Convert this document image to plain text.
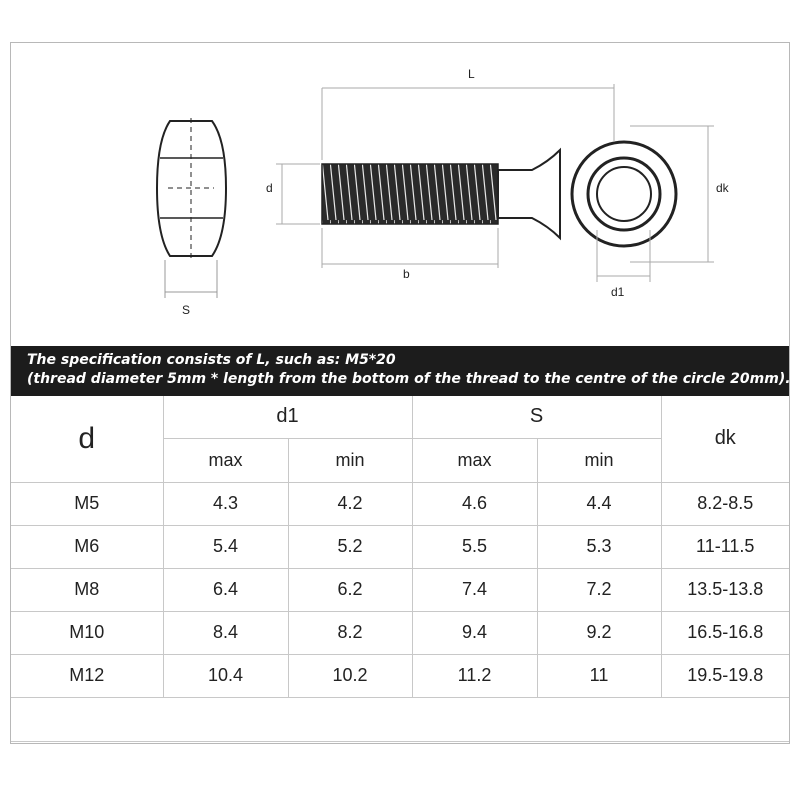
S
L
d	dk
b
d1
The specification consists of L, such as: M5*20
(thread diameter 5mm * length from the bottom of the thread to the centre of the circle 20mm).
d	d1		S		dk
	max	min	max	min	
M5	4.3	4.2	4.6	4.4	8.2-8.5
M6	5.4	5.2	5.5	5.3	11-11.5
M8	6.4	6.2	7.4	7.2	13.5-13.8
M10	8.4	8.2	9.4	9.2	16.5-16.8
M12	10.4	10.2	11.2	11	19.5-19.8
